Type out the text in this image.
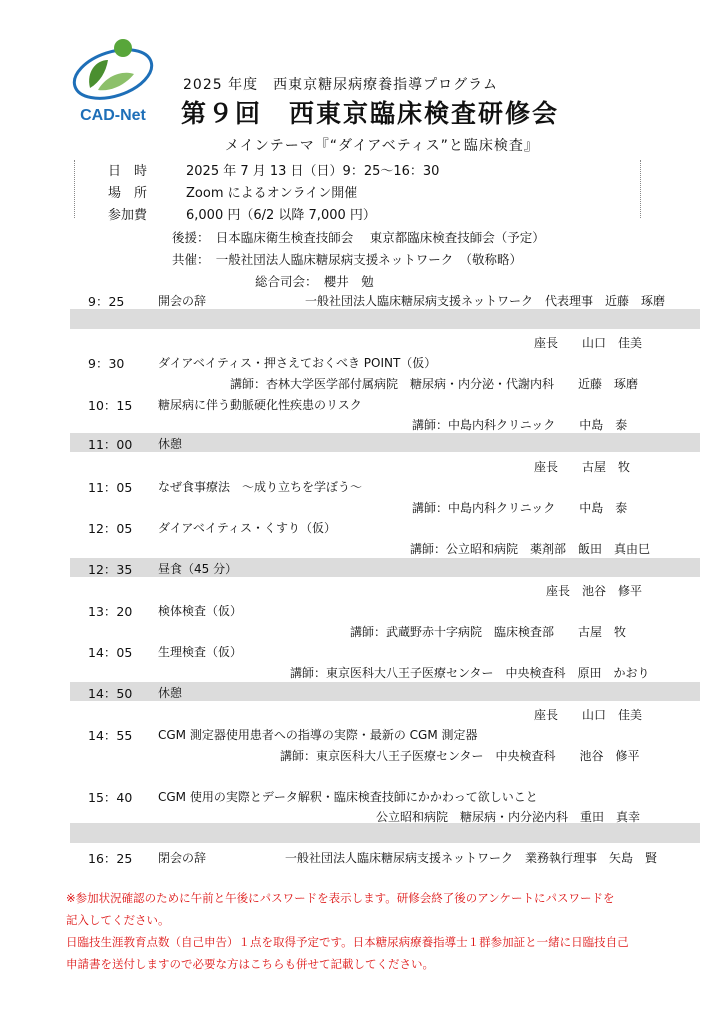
CAD-Net
2025 年度　西東京糖尿病療養指導プログラム
第９回　西東京臨床検査研修会
メインテーマ『“ダイアベティス”と臨床検査』
日　時	2025 年 7 月 13 日（日）9：25〜16：30
場　所	Zoom によるオンライン開催
参加費	6,000 円（6/2 以降 7,000 円）
後援：　日本臨床衛生検査技師会　 東京都臨床検査技師会（予定）
共催：　一般社団法人臨床糖尿病支援ネットワーク　（敬称略）
総合司会：　櫻井　勉
9：25	開会の辞	一般社団法人臨床糖尿病支援ネットワーク　代表理事　近藤　琢磨
座長　　山口　佳美
9：30	ダイアベイティス・押さえておくべき POINT（仮）
講師：杏林大学医学部付属病院　糖尿病・内分泌・代謝内科　　近藤　琢磨
10：15 糖尿病に伴う動脈硬化性疾患のリスク
講師：中島内科クリニック　　中島　泰
11：00 休憩
座長　　古屋　牧
11：05 なぜ食事療法　〜成り立ちを学ぼう〜
講師：中島内科クリニック　　中島　泰
12：05 ダイアベイティス・くすり（仮）
講師：公立昭和病院　薬剤部　飯田　真由巳
12：35 昼食（45 分）
座長　池谷　修平
13：20 検体検査（仮）
講師：武蔵野赤十字病院　臨床検査部　　古屋　牧
14：05 生理検査（仮）
講師：東京医科大八王子医療センター　中央検査科　原田　かおり
14：50 休憩
座長　　山口　佳美
14：55 CGM 測定器使用患者への指導の実際・最新の CGM 測定器
講師：東京医科大八王子医療センター　中央検査科　　池谷　修平
15：40 CGM 使用の実際とデータ解釈・臨床検査技師にかかわって欲しいこと
公立昭和病院　糖尿病・内分泌内科　重田　真幸
16：25 閉会の辞	一般社団法人臨床糖尿病支援ネットワーク　業務執行理事　矢島　賢
※参加状況確認のために午前と午後にパスワードを表示します。研修会終了後のアンケートにパスワードを
記入してください。
日臨技生涯教育点数（自己申告）１点を取得予定です。日本糖尿病療養指導士１群参加証と一緒に日臨技自己
申請書を送付しますので必要な方はこちらも併せて記載してください。
